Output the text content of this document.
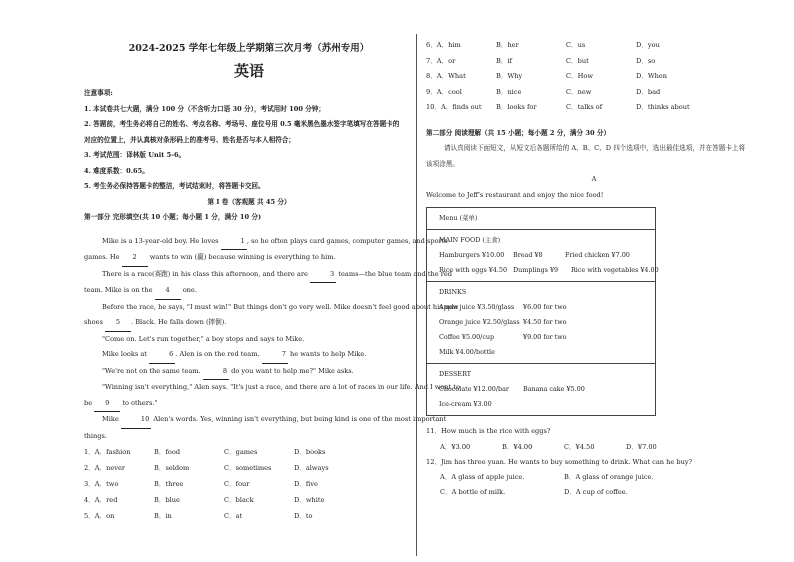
2024-2025 学年七年级上学期第三次月考（苏州专用）
英语
注意事项:
1. 本试卷共七大题，满分 100 分（不含听力口语 30 分），考试用时 100 分钟；
2. 答题前，考生务必将自己的姓名、考点名称、考场号、座位号用 0.5 毫米黑色墨水签字笔填写在答题卡的
对应的位置上，并认真核对条形码上的准考号、姓名是否与本人相符合；
3. 考试范围：译林版 Unit 5-6。
4. 难度系数：0.65。
5. 考生务必保持答题卡的整洁，考试结束时，将答题卡交回。
第 I 卷（客观题 共 45 分）
第一部分 完形填空(共 10 小题；每小题 1 分，满分 10 分)
Mike is a 13-year-old boy. He loves	1 , so he often plays card games, computer games, and sports
games. He 2 wants to win (赢) because winning is everything to him.
There is a race(赛跑) in his class this afternoon, and there are	3 teams—the blue team and the red
team. Mike is on the 4 one.
Before the race, he says, "I must win!" But things don't go very well. Mike doesn't feel good about his new
shoes 5 . Black. He falls down (摔倒).
"Come on. Let's run together," a boy stops and says to Mike.
Mike looks at	6 . Alen is on the red team.	7 he wants to help Mike.
"We're not on the same team.	8 do you want to help me?" Mike asks.
"Winning isn't everything," Alen says. "It's just a race, and there are a lot of races in our life. And I want to
be 9 to others."
Mike	10 Alen's words. Yes, winning isn't everything, but being kind is one of the most important
things.
1．A．fashion	B．food	C．games	D．books
2．A．never	B．seldom	C．sometimes	D．always
3．A．two	B．three	C．four	D．five
4．A．red	B．blue	C．black	D．white
5．A．on	B．in	C．at	D．to
6．A．him	B．her	C．us	D．you
7．A．or	B．if	C．but	D．so
8．A．What	B．Why	C．How	D．When
9．A．cool	B．nice	C．new	D．bad
10．A．finds out	B．looks for	C．talks of	D．thinks about
第二部分 阅读理解（共 15 小题；每小题 2 分，满分 30 分）
请认真阅读下面短文，从短文后各题所给的 A、B、C、D 四个选项中，选出最佳选项，并在答题卡上将
该项涂黑。
A
Welcome to Jeff's restaurant and enjoy the nice food!
Menu (菜单)
MAIN FOOD (主食)
Hamburgers ¥10.00 Bread ¥8	Fried chicken ¥7.00
Rice with eggs ¥4.50 Dumplings ¥9 Rice with vegetables ¥4.00
DRINKS
Apple juice ¥3.50/glass ¥6.00 for two
Orange juice ¥2.50/glass ¥4.50 for two
Coffee ¥5.00/cup	¥9.00 for two
Milk ¥4.00/bottle
DESSERT
Chocolate ¥12.00/bar Banana cake ¥5.00
Ice-cream ¥3.00
11．How much is the rice with eggs?
A．¥3.00	B．¥4.00	C．¥4.50	D．¥7.00
12．Jim has three yuan. He wants to buy something to drink. What can he buy?
A．A glass of apple juice.	B．A glass of orange juice.
C．A bottle of milk.	D．A cup of coffee.
